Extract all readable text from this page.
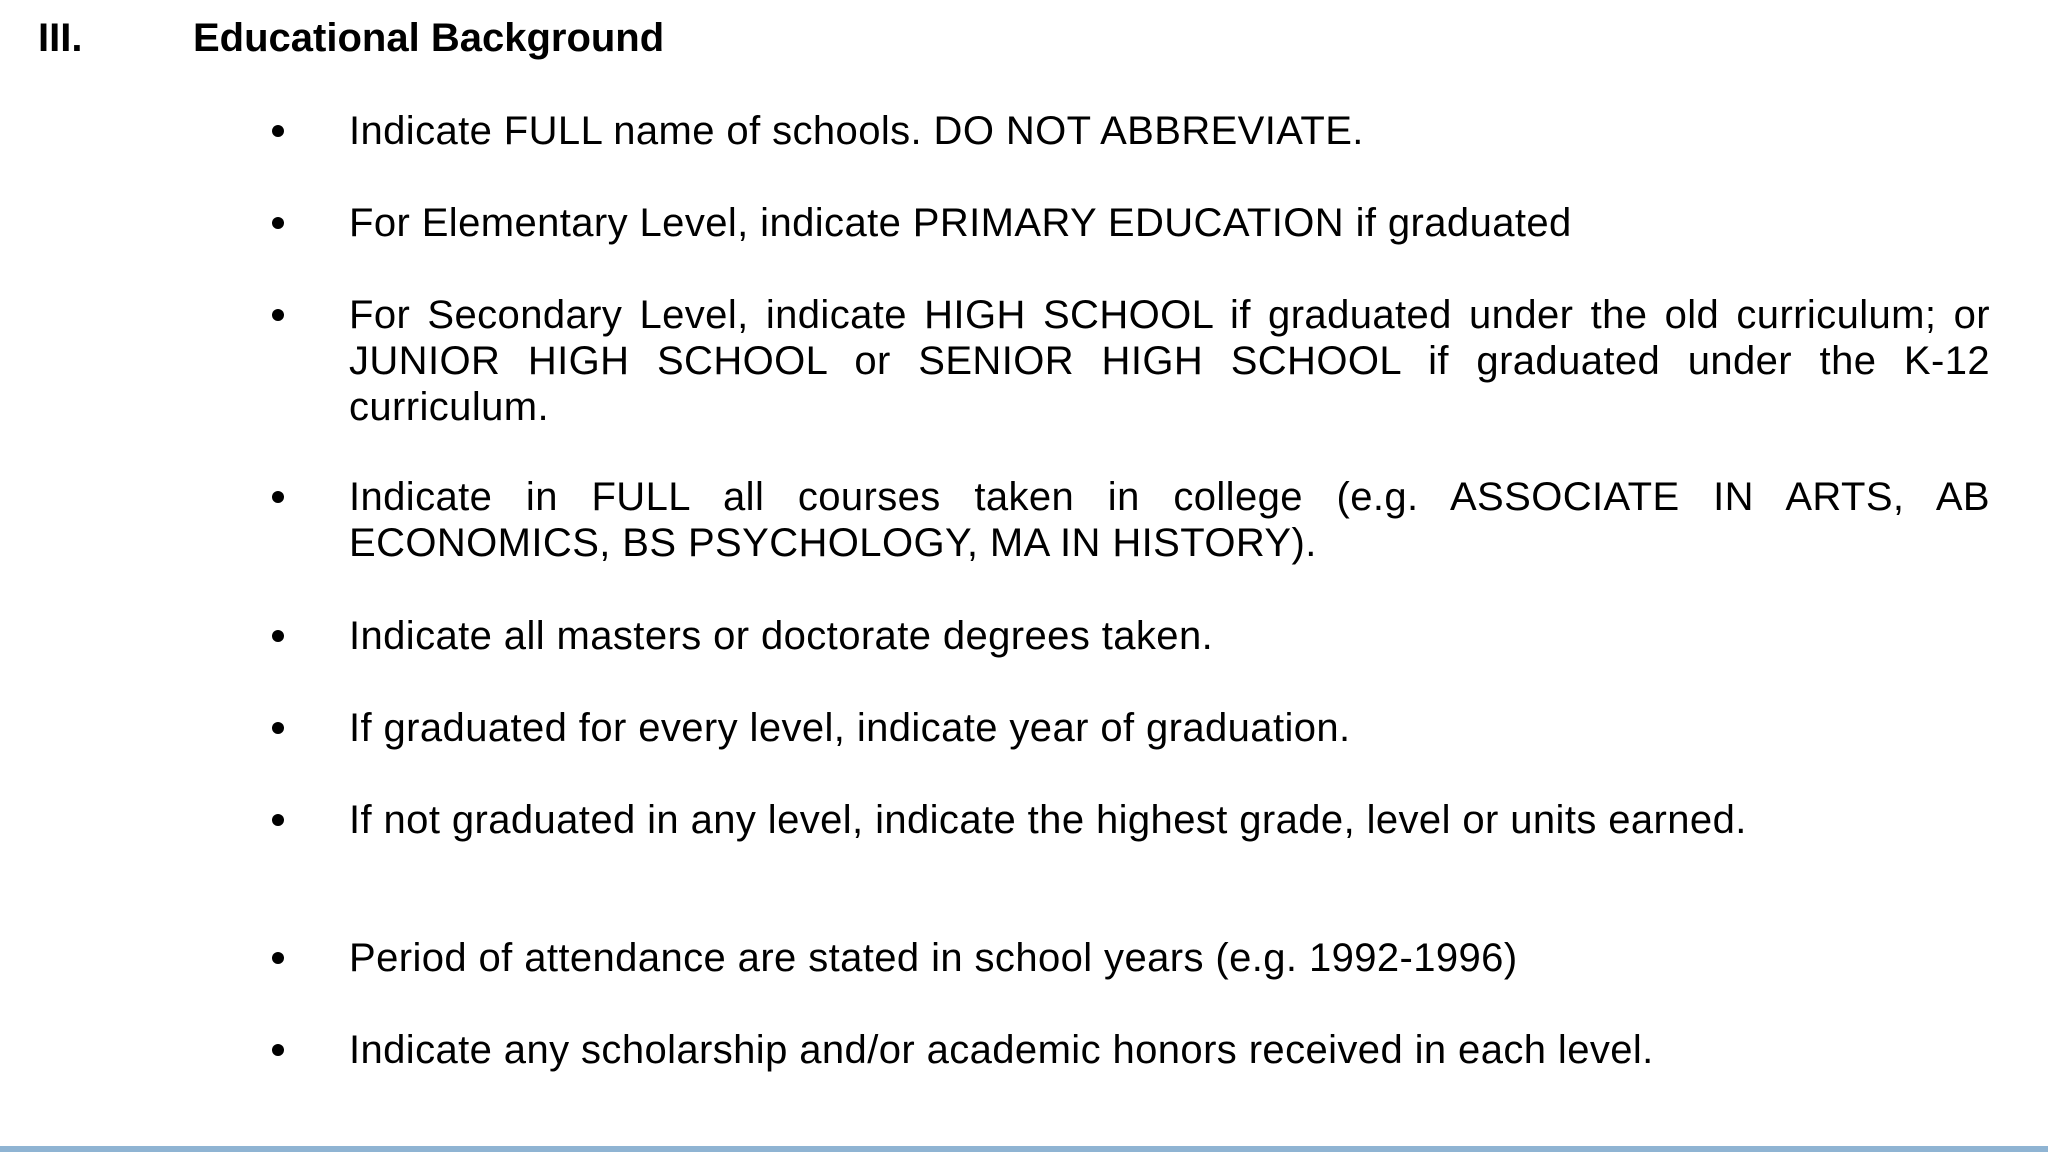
III.	Educational Background
Indicate FULL name of schools. DO NOT ABBREVIATE.
For Elementary Level, indicate PRIMARY EDUCATION if graduated
For Secondary Level, indicate HIGH SCHOOL if graduated under the old curriculum; or JUNIOR HIGH SCHOOL or SENIOR HIGH SCHOOL if graduated under the K-12 curriculum.
Indicate in FULL all courses taken in college (e.g. ASSOCIATE IN ARTS, AB ECONOMICS, BS PSYCHOLOGY, MA IN HISTORY).
Indicate all masters or doctorate degrees taken.
If graduated for every level, indicate year of graduation.
If not graduated in any level, indicate the highest grade, level or units earned.
Period of attendance are stated in school years (e.g. 1992-1996)
Indicate any scholarship and/or academic honors received in each level.
